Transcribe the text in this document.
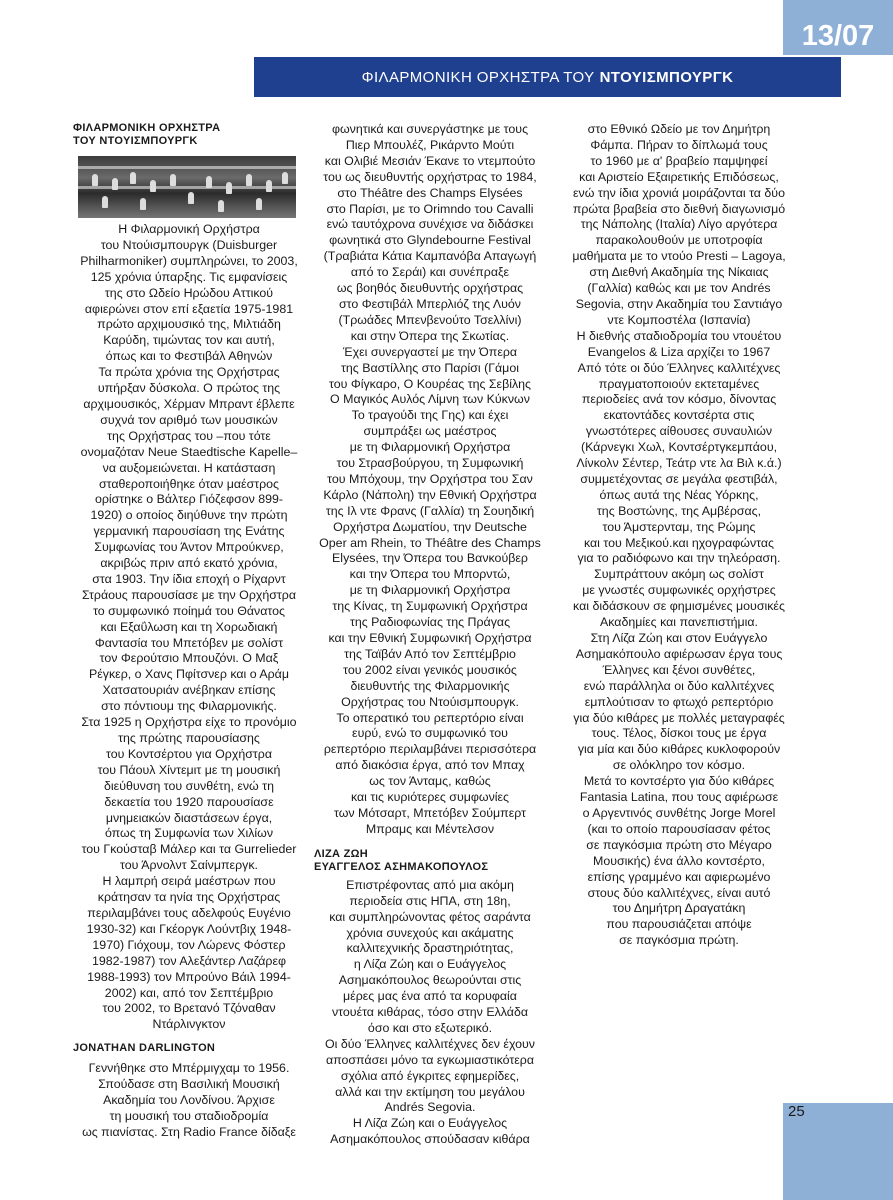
13/07
ΦΙΛΑΡΜΟΝΙΚΗ ΟΡΧΗΣΤΡΑ ΤΟΥ ΝΤΟΥΙΣΜΠΟΥΡΓΚ
ΦΙΛΑΡΜΟΝΙΚΗ ΟΡΧΗΣΤΡΑ
ΤΟΥ ΝΤΟΥΙΣΜΠΟΥΡΓΚ

Η Φιλαρμονική Ορχήστρα

του Ντούισμπουργκ (Duisburger

Philharmoniker) συμπληρώνει, το 2003,

125 χρόνια ύπαρξης. Τις εμφανίσεις

της στο Ωδείο Ηρώδου Αττικού

αφιερώνει στον επί εξαετία 1975-1981

πρώτο αρχιμουσικό της, Μιλτιάδη

Καρύδη, τιμώντας τον και αυτή,

όπως και το Φεστιβάλ Αθηνών

Τα πρώτα χρόνια της Ορχήστρας

υπήρξαν δύσκολα. Ο πρώτος της

αρχιμουσικός, Χέρμαν Μπραντ έβλεπε

συχνά τον αριθμό των μουσικών

της Ορχήστρας του –που τότε

ονομαζόταν Neue Staedtische Kapelle–

να αυξομειώνεται. Η κατάσταση

σταθεροποιήθηκε όταν μαέστρος

ορίστηκε ο Βάλτερ Γιόζεφσον 899-

1920) ο οποίος διηύθυνε την πρώτη

γερμανική παρουσίαση της Ενάτης

Συμφωνίας του Άντον Μπρούκνερ,

ακριβώς πριν από εκατό χρόνια,

στα 1903. Την ίδια εποχή ο Ρίχαρντ

Στράους παρουσίασε με την Ορχήστρα

το συμφωνικό ποίημά του Θάνατος

και Εξαΰλωση και τη Χορωδιακή

Φαντασία του Μπετόβεν με σολίστ

τον Φερούτσιο Μπουζόνι. Ο Μαξ

Ρέγκερ, ο Χανς Πφίτσνερ και ο Αράμ

Χατσατουριάν ανέβηκαν επίσης

στο πόντιουμ της Φιλαρμονικής.

Στα 1925 η Ορχήστρα είχε το προνόμιο

της πρώτης παρουσίασης

του Κοντσέρτου για Ορχήστρα

του Πάουλ Χίντεμιτ με τη μουσική

διεύθυνση του συνθέτη, ενώ τη

δεκαετία του 1920 παρουσίασε

μνημειακών διαστάσεων έργα,

όπως τη Συμφωνία των Χιλίων

του Γκούσταβ Μάλερ και τα Gurrelieder

του Άρνολντ Σαίνμπεργκ.

Η λαμπρή σειρά μαέστρων που

κράτησαν τα ηνία της Ορχήστρας

περιλαμβάνει τους αδελφούς Ευγένιο

1930-32) και Γκέοργκ Λούντβιχ 1948-

1970) Γιόχουμ, τον Λώρενς Φόστερ

1982-1987) τον Αλεξάντερ Λαζάρεφ

1988-1993) τον Μπρούνο Βάιλ 1994-

2002) και, από τον Σεπτέμβριο

του 2002, το Βρετανό Τζόναθαν

Ντάρλινγκτον

JONATHAN DARLINGTON

Γεννήθηκε στο Μπέρμιγχαμ το 1956.

Σπούδασε στη Βασιλική Μουσική

Ακαδημία του Λονδίνου. Άρχισε

τη μουσική του σταδιοδρομία

ως πιανίστας. Στη Radio France δίδαξε

φωνητικά και συνεργάστηκε με τους

Πιερ Μπουλέζ, Ρικάρντο Μούτι

και Ολιβιέ Μεσιάν Έκανε το ντεμπούτο

του ως διευθυντής ορχήστρας το 1984,

στο Théâtre des Champs Elysées

στο Παρίσι, με το Orimndo του Cavalli

ενώ ταυτόχρονα συνέχισε να διδάσκει

φωνητικά στο Glyndebourne Festival

(Τραβιάτα Κάτια Καμπανόβα Απαγωγή

από το Σεράι) και συνέπραξε

ως βοηθός διευθυντής ορχήστρας

στο Φεστιβάλ Μπερλιόζ της Λυόν

(Τρωάδες Μπενβενούτο Τσελλίνι)

και στην Όπερα της Σκωτίας.

Έχει συνεργαστεί με την Όπερα

της Βαστίλλης στο Παρίσι (Γάμοι

του Φίγκαρο, Ο Κουρέας της Σεβίλης

Ο Μαγικός Αυλός Λίμνη των Κύκνων

Το τραγούδι της Γης) και έχει

συμπράξει ως μαέστρος

με τη Φιλαρμονική Ορχήστρα

του Στρασβούργου, τη Συμφωνική

του Μπόχουμ, την Ορχήστρα του Σαν

Κάρλο (Νάπολη) την Εθνική Ορχήστρα

της Ιλ ντε Φρανς (Γαλλία) τη Σουηδική

Ορχήστρα Δωματίου, την Deutsche

Oper am Rhein, το Théâtre des Champs

Elysées, την Όπερα του Βανκούβερ

και την Όπερα του Μπορντώ,

με τη Φιλαρμονική Ορχήστρα

της Κίνας, τη Συμφωνική Ορχήστρα

της Ραδιοφωνίας της Πράγας

και την Εθνική Συμφωνική Ορχήστρα

της Ταϊβάν Από τον Σεπτέμβριο

του 2002 είναι γενικός μουσικός

διευθυντής της Φιλαρμονικής

Ορχήστρας του Ντούισμπουργκ.

Το οπερατικό του ρεπερτόριο είναι

ευρύ, ενώ το συμφωνικό του

ρεπερτόριο περιλαμβάνει περισσότερα

από διακόσια έργα, από τον Μπαχ

ως τον Άνταμς, καθώς

και τις κυριότερες συμφωνίες

των Μότσαρτ, Μπετόβεν Σούμπερτ

Μπραμς και Μέντελσον

ΛΙΖΑ ΖΩΗ
ΕΥΑΓΓΕΛΟΣ ΑΣΗΜΑΚΟΠΟΥΛΟΣ

Επιστρέφοντας από μια ακόμη

περιοδεία στις ΗΠΑ, στη 18η,

και συμπληρώνοντας φέτος σαράντα

χρόνια συνεχούς και ακάματης

καλλιτεχνικής δραστηριότητας,

η Λίζα Ζώη και ο Ευάγγελος

Ασημακόπουλος θεωρούνται στις

μέρες μας ένα από τα κορυφαία

ντουέτα κιθάρας, τόσο στην Ελλάδα

όσο και στο εξωτερικό.

Οι δύο Έλληνες καλλιτέχνες δεν έχουν

αποσπάσει μόνο τα εγκωμιαστικότερα

σχόλια από έγκριτες εφημερίδες,

αλλά και την εκτίμηση του μεγάλου

Andrés Segovia.

Η Λίζα Ζώη και ο Ευάγγελος

Ασημακόπουλος σπούδασαν κιθάρα

στο Εθνικό Ωδείο με τον Δημήτρη

Φάμπα. Πήραν το δίπλωμά τους

το 1960 με α' βραβείο παμψηφεί

και Αριστείο Εξαιρετικής Επιδόσεως,

ενώ την ίδια χρονιά μοιράζονται τα δύο

πρώτα βραβεία στο διεθνή διαγωνισμό

της Νάπολης (Ιταλία) Λίγο αργότερα

παρακολουθούν με υποτροφία

μαθήματα με το ντούο Presti – Lagoya,

στη Διεθνή Ακαδημία της Νίκαιας

(Γαλλία) καθώς και με τον Andrés

Segovia, στην Ακαδημία του Σαντιάγο

ντε Κομποστέλα (Ισπανία)

Η διεθνής σταδιοδρομία του ντουέτου

Evangelos & Liza αρχίζει το 1967

Από τότε οι δύο Έλληνες καλλιτέχνες

πραγματοποιούν εκτεταμένες

περιοδείες ανά τον κόσμο, δίνοντας

εκατοντάδες κοντσέρτα στις

γνωστότερες αίθουσες συναυλιών

(Κάρνεγκι Χωλ, Κοντσέρτγκεμπάου,

Λίνκολν Σέντερ, Τεάτρ ντε λα Βιλ κ.ά.)

συμμετέχοντας σε μεγάλα φεστιβάλ,

όπως αυτά της Νέας Υόρκης,

της Βοστώνης, της Αμβέρσας,

του Άμστερνταμ, της Ρώμης

και του Μεξικού.και ηχογραφώντας

για το ραδιόφωνο και την τηλεόραση.

Συμπράττουν ακόμη ως σολίστ

με γνωστές συμφωνικές ορχήστρες

και διδάσκουν σε φημισμένες μουσικές

Ακαδημίες και πανεπιστήμια.

Στη Λίζα Ζώη και στον Ευάγγελο

Ασημακόπουλο αφιέρωσαν έργα τους

Έλληνες και ξένοι συνθέτες,

ενώ παράλληλα οι δύο καλλιτέχνες

εμπλούτισαν το φτωχό ρεπερτόριο

για δύο κιθάρες με πολλές μεταγραφές

τους. Τέλος, δίσκοι τους με έργα

για μία και δύο κιθάρες κυκλοφορούν

σε ολόκληρο τον κόσμο.

Μετά το κοντσέρτο για δύο κιθάρες

Fantasia Latina, που τους αφιέρωσε

ο Αργεντινός συνθέτης Jorge Morel

(και το οποίο παρουσίασαν φέτος

σε παγκόσμια πρώτη στο Μέγαρο

Μουσικής) ένα άλλο κοντσέρτο,

επίσης γραμμένο και αφιερωμένο

στους δύο καλλιτέχνες, είναι αυτό

του Δημήτρη Δραγατάκη

που παρουσιάζεται απόψε

σε παγκόσμια πρώτη.

25
